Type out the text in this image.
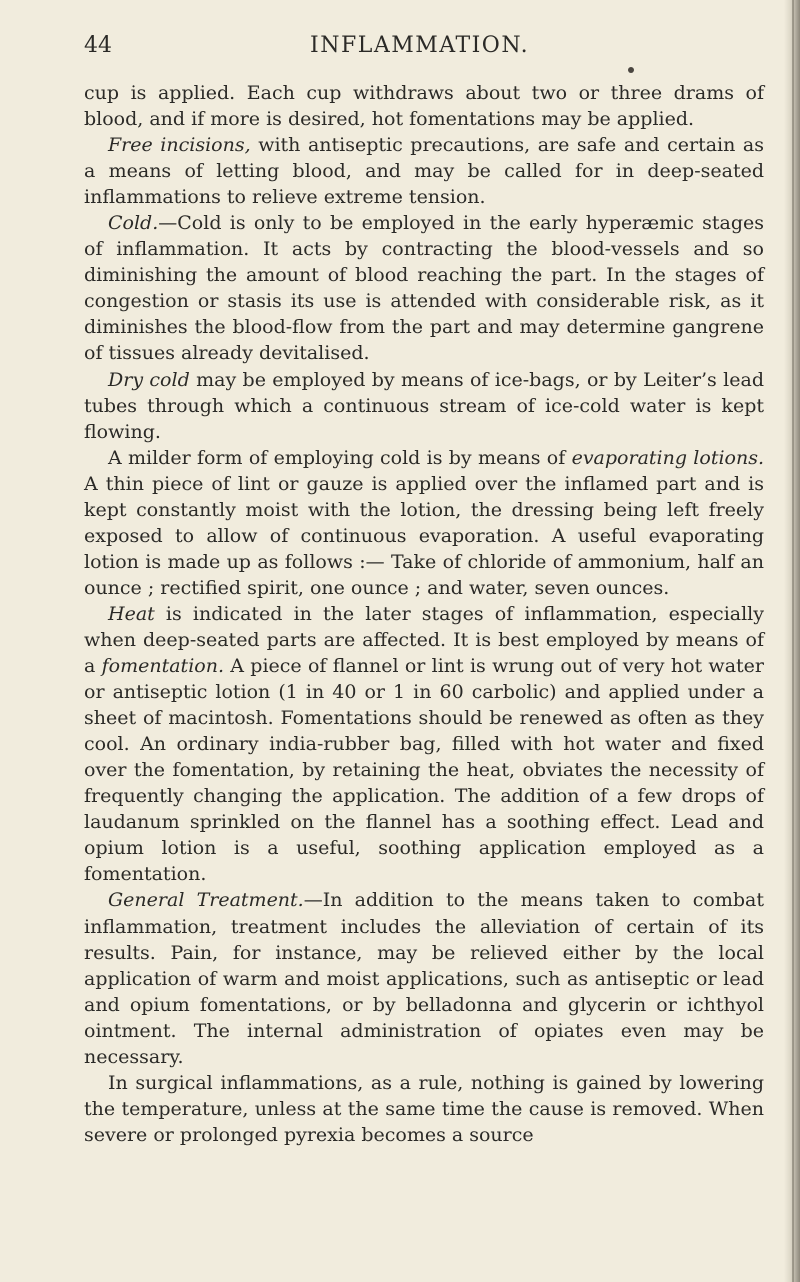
44	INFLAMMATION.

cup is applied. Each cup withdraws about two or three drams of blood, and if more is desired, hot fomentations may be applied.

Free incisions, with antiseptic precautions, are safe and certain as a means of letting blood, and may be called for in deep-seated inflammations to relieve extreme tension.

Cold.—Cold is only to be employed in the early hyperæmic stages of inflammation. It acts by contracting the blood-vessels and so diminishing the amount of blood reaching the part. In the stages of congestion or stasis its use is attended with considerable risk, as it diminishes the blood-flow from the part and may determine gangrene of tissues already devitalised.

Dry cold may be employed by means of ice-bags, or by Leiter’s lead tubes through which a continuous stream of ice-cold water is kept flowing.

A milder form of employing cold is by means of evaporating lotions. A thin piece of lint or gauze is applied over the inflamed part and is kept constantly moist with the lotion, the dressing being left freely exposed to allow of continuous evaporation. A useful evaporating lotion is made up as follows :— Take of chloride of ammonium, half an ounce ; rectified spirit, one ounce ; and water, seven ounces.

Heat is indicated in the later stages of inflammation, especially when deep-seated parts are affected. It is best employed by means of a fomentation. A piece of flannel or lint is wrung out of very hot water or antiseptic lotion (1 in 40 or 1 in 60 carbolic) and applied under a sheet of macintosh. Fomentations should be renewed as often as they cool. An ordinary india-rubber bag, filled with hot water and fixed over the fomentation, by retaining the heat, obviates the necessity of frequently changing the application. The addition of a few drops of laudanum sprinkled on the flannel has a soothing effect. Lead and opium lotion is a useful, soothing application employed as a fomentation.

General Treatment.—In addition to the means taken to combat inflammation, treatment includes the alleviation of certain of its results. Pain, for instance, may be relieved either by the local application of warm and moist applications, such as antiseptic or lead and opium fomentations, or by belladonna and glycerin or ichthyol ointment. The internal administration of opiates even may be necessary.

In surgical inflammations, as a rule, nothing is gained by lowering the temperature, unless at the same time the cause is removed. When severe or prolonged pyrexia becomes a source
